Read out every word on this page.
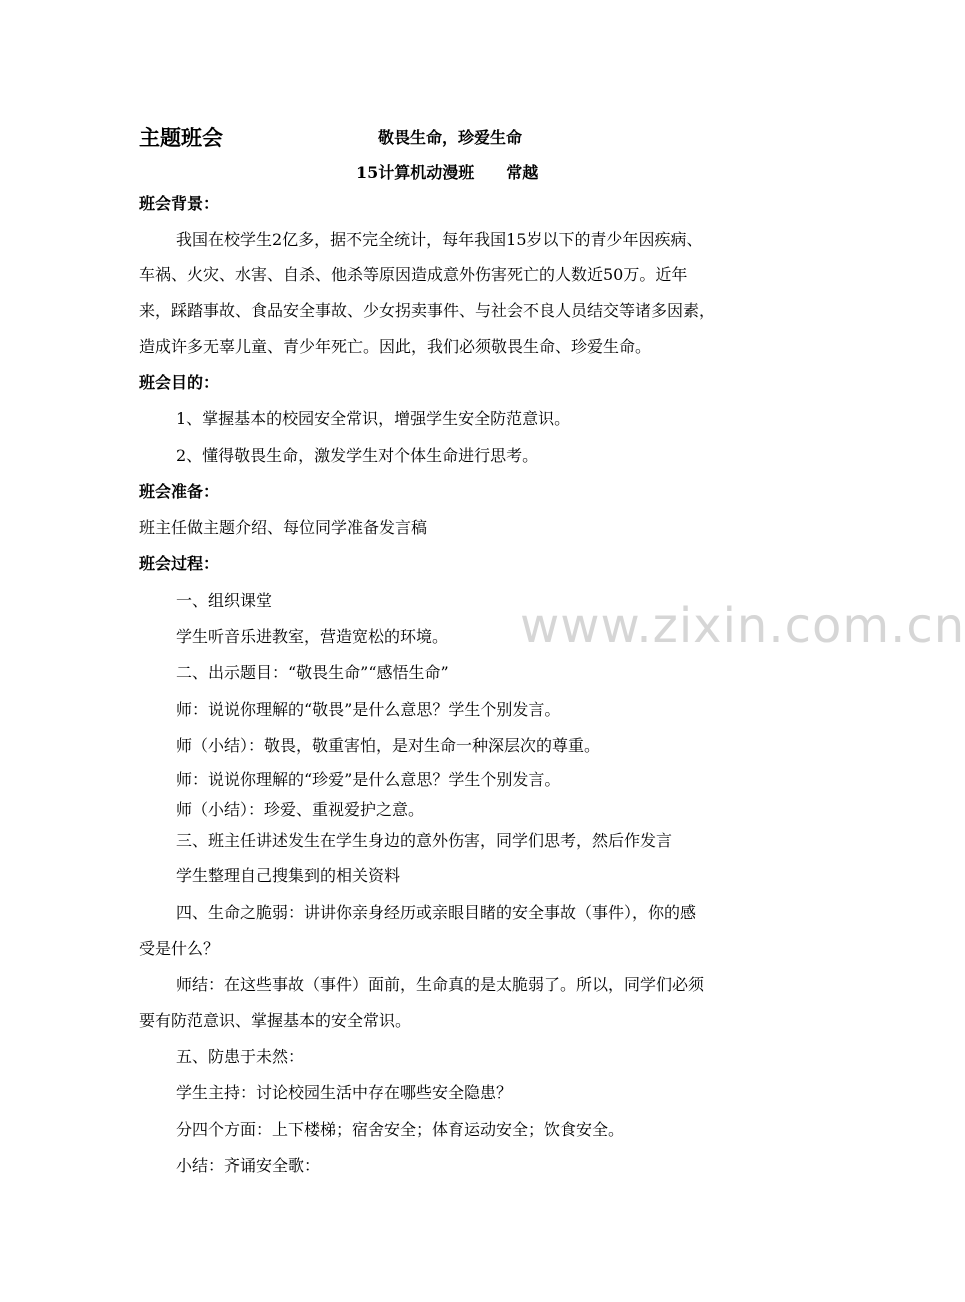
www.zixin.com.cn
主题班会	敬畏生命，珍爱生命
15计算机动漫班　　常越
班会背景：
我国在校学生2亿多，据不完全统计，每年我国15岁以下的青少年因疾病、
车祸、火灾、水害、自杀、他杀等原因造成意外伤害死亡的人数近50万。近年
来，踩踏事故、食品安全事故、少女拐卖事件、与社会不良人员结交等诸多因素，
造成许多无辜儿童、青少年死亡。因此，我们必须敬畏生命、珍爱生命。
班会目的：
1、掌握基本的校园安全常识，增强学生安全防范意识。
2、懂得敬畏生命，激发学生对个体生命进行思考。
班会准备：
班主任做主题介绍、每位同学准备发言稿
班会过程：
一、组织课堂
学生听音乐进教室，营造宽松的环境。
二、出示题目：“敬畏生命”“感悟生命”
师：说说你理解的“敬畏”是什么意思？学生个别发言。
师（小结）：敬畏，敬重害怕，是对生命一种深层次的尊重。
师：说说你理解的“珍爱”是什么意思？学生个别发言。
师（小结）：珍爱、重视爱护之意。
三、班主任讲述发生在学生身边的意外伤害，同学们思考，然后作发言
学生整理自己搜集到的相关资料
四、生命之脆弱：讲讲你亲身经历或亲眼目睹的安全事故（事件），你的感
受是什么？
师结：在这些事故（事件）面前，生命真的是太脆弱了。所以，同学们必须
要有防范意识、掌握基本的安全常识。
五、防患于未然：
学生主持：讨论校园生活中存在哪些安全隐患？
分四个方面：上下楼梯；宿舍安全；体育运动安全；饮食安全。
小结：齐诵安全歌：
